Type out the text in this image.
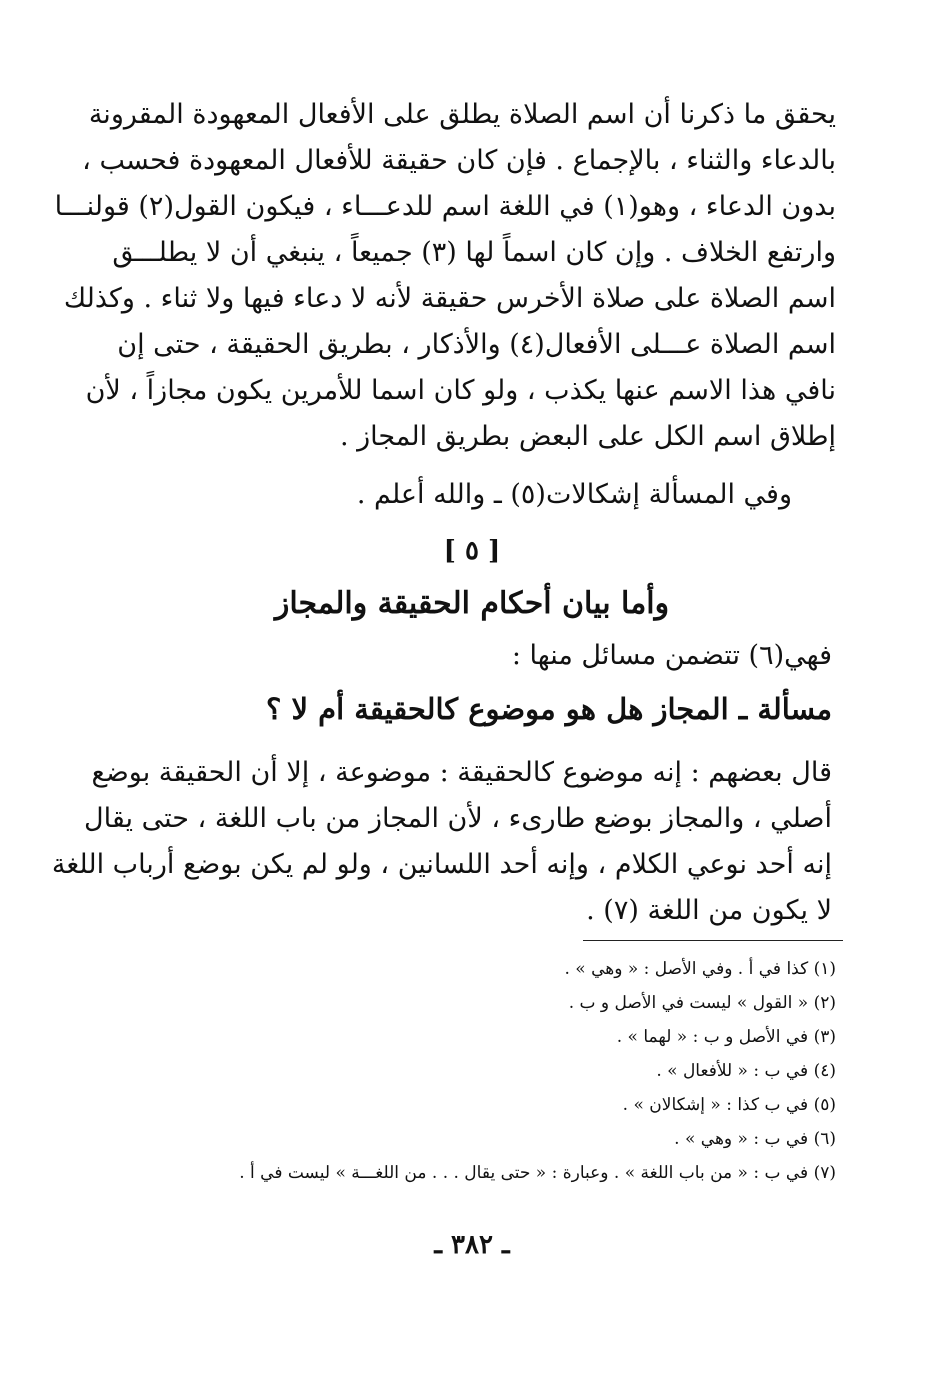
يحقق ما ذكرنا أن اسم الصلاة يطلق على الأفعال المعهودة المقرونة
بالدعاء والثناء ، بالإجماع . فإن كان حقيقة للأفعال المعهودة فحسب ،
بدون الدعاء ، وهو(١) في اللغة اسم للدعـــاء ، فيكون القول(٢) قولنـــا
وارتفع الخلاف . وإن كان اسماً لها (٣) جميعاً ، ينبغي أن لا يطلـــق
اسم الصلاة على صلاة الأخرس حقيقة لأنه لا دعاء فيها ولا ثناء . وكذلك
اسم الصلاة عـــلى الأفعال(٤) والأذكار ، بطريق الحقيقة ، حتى إن
نافي هذا الاسم عنها يكذب ، ولو كان اسما للأمرين يكون مجازاً ، لأن
إطلاق اسم الكل على البعض بطريق المجاز .
وفي المسألة إشكالات(٥) ـ والله أعلم .
[ ٥ ]
وأما بيان أحكام الحقيقة والمجاز
فهي(٦) تتضمن مسائل منها :
مسألة ـ المجاز هل هو موضوع كالحقيقة أم لا ؟
قال بعضهم : إنه موضوع كالحقيقة : موضوعة ، إلا أن الحقيقة بوضع
أصلي ، والمجاز بوضع طارىء ، لأن المجاز من باب اللغة ، حتى يقال
إنه أحد نوعي الكلام ، وإنه أحد اللسانين ، ولو لم يكن بوضع أرباب اللغة
لا يكون من اللغة (٧) .
(١) كذا في أ . وفي الأصل : « وهي » .
(٢) « القول » ليست في الأصل و ب .
(٣) في الأصل و ب : « لهما » .
(٤) في ب : « للأفعال » .
(٥) في ب كذا : « إشكالان » .
(٦) في ب : « وهي » .
(٧) في ب : « من باب اللغة » . وعبارة : « حتى يقال . . . من اللغـــة » ليست في أ .
ـ ٣٨٢ ـ
